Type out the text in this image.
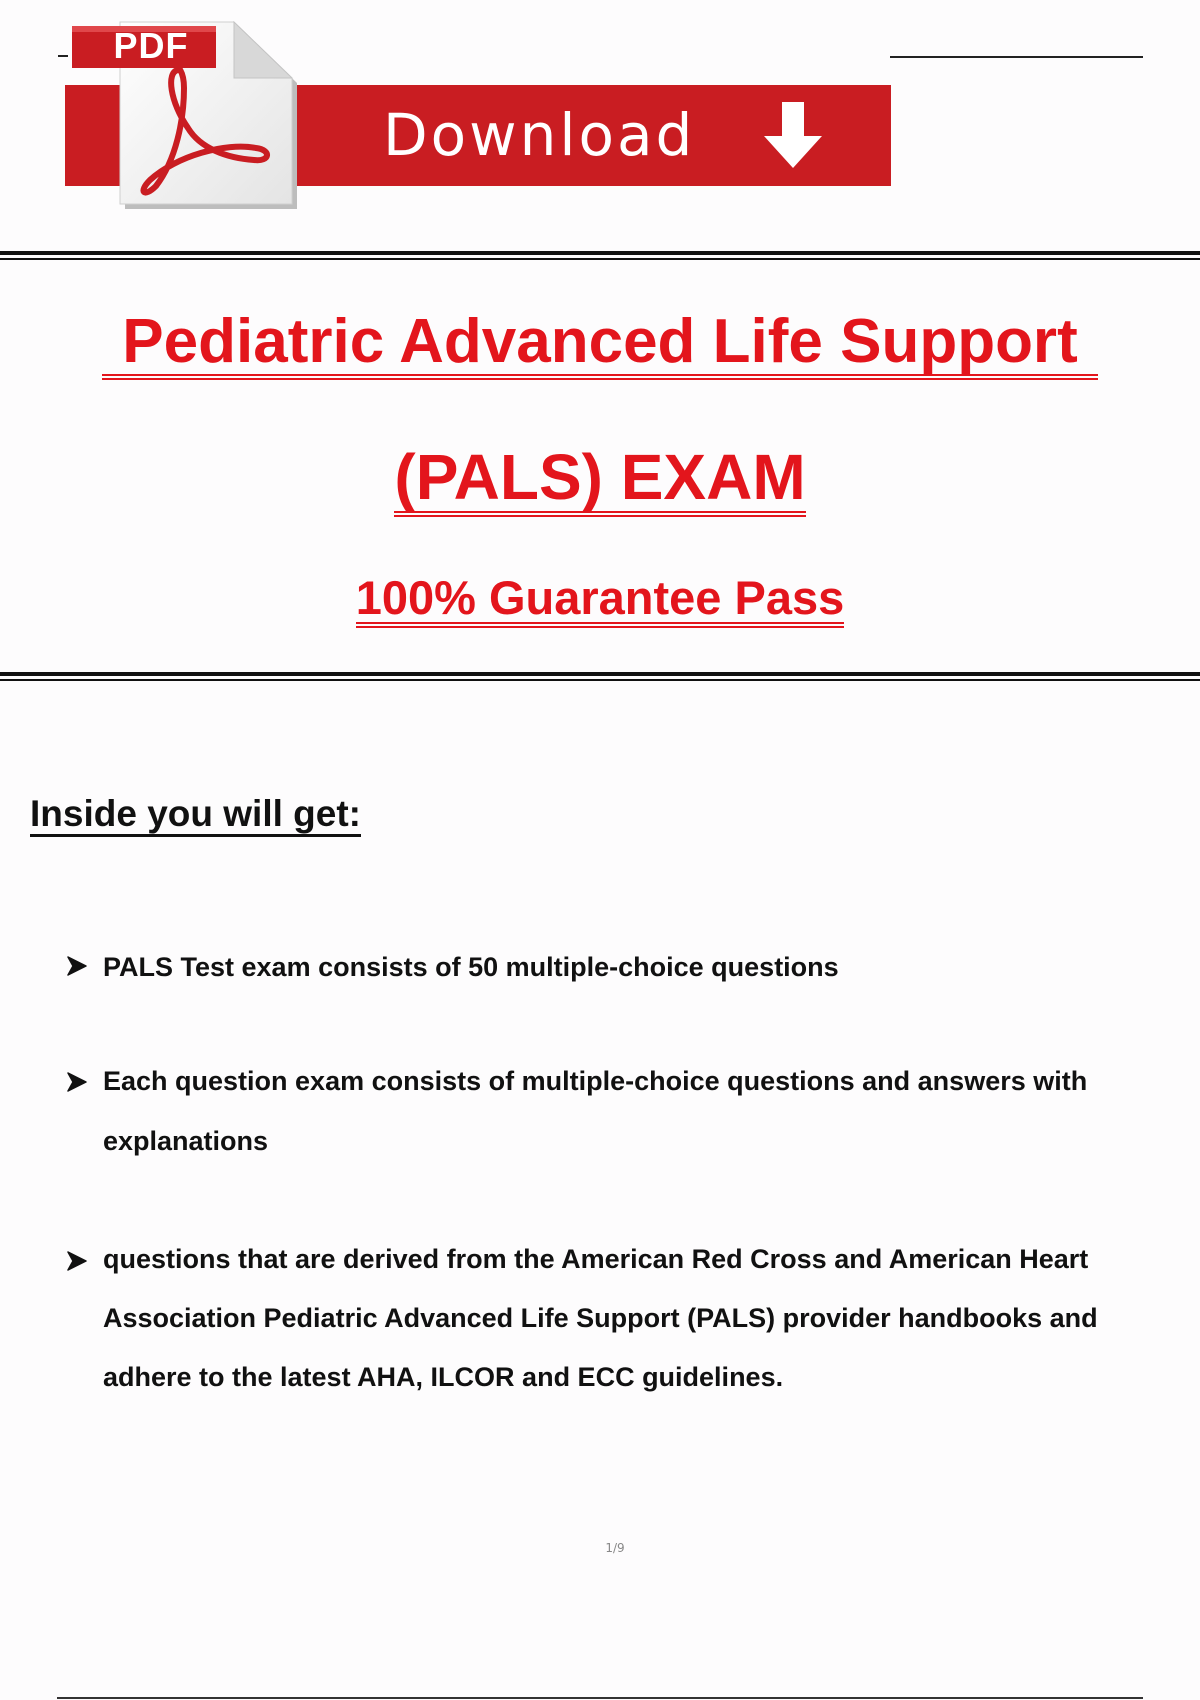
Download
PDF
Pediatric Advanced Life Support
(PALS) EXAM
100% Guarantee Pass
Inside you will get:
PALS Test exam consists of 50 multiple-choice questions
Each question exam consists of multiple-choice questions and answers with explanations
questions that are derived from the American Red Cross and American Heart Association Pediatric Advanced Life Support (PALS) provider handbooks and adhere to the latest AHA, ILCOR and ECC guidelines.
1/9
